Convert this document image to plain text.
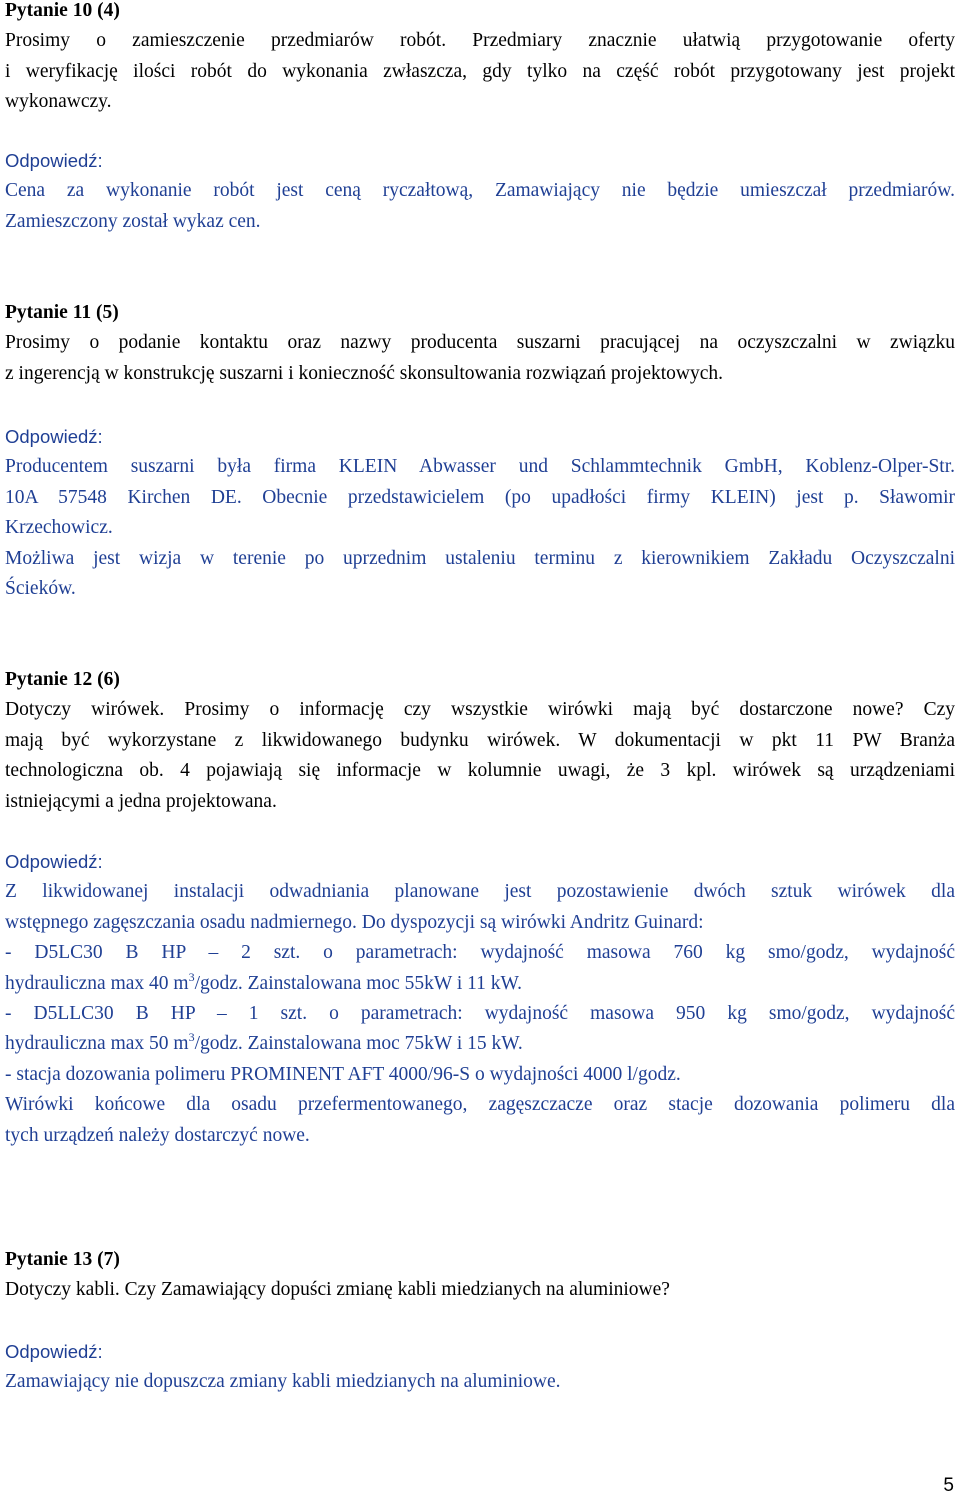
Pytanie 10 (4)
Prosimy o zamieszczenie przedmiarów robót. Przedmiary znacznie ułatwią przygotowanie oferty
i weryfikację ilości robót do wykonania zwłaszcza, gdy tylko na część robót przygotowany jest projekt
wykonawczy.
Odpowiedź:
Cena za wykonanie robót jest ceną ryczałtową, Zamawiający nie będzie umieszczał przedmiarów.
Zamieszczony został wykaz cen.
Pytanie 11 (5)
Prosimy o podanie kontaktu oraz nazwy producenta suszarni pracującej na oczyszczalni w związku
z ingerencją w konstrukcję suszarni i konieczność skonsultowania rozwiązań projektowych.
Odpowiedź:
Producentem suszarni była firma KLEIN Abwasser und Schlammtechnik GmbH, Koblenz-Olper-Str.
10A 57548 Kirchen DE. Obecnie przedstawicielem (po upadłości firmy KLEIN) jest p. Sławomir
Krzechowicz.
Możliwa jest wizja w terenie po uprzednim ustaleniu terminu z kierownikiem Zakładu Oczyszczalni
Ścieków.
Pytanie 12 (6)
Dotyczy wirówek. Prosimy o informację czy wszystkie wirówki mają być dostarczone nowe? Czy
mają być wykorzystane z likwidowanego budynku wirówek. W dokumentacji w pkt 11 PW Branża
technologiczna ob. 4 pojawiają się informacje w kolumnie uwagi, że 3 kpl. wirówek są urządzeniami
istniejącymi a jedna projektowana.
Odpowiedź:
Z likwidowanej instalacji odwadniania planowane jest pozostawienie dwóch sztuk wirówek dla
wstępnego zagęszczania osadu nadmiernego. Do dyspozycji są wirówki Andritz Guinard:
- D5LC30 B HP – 2 szt. o parametrach: wydajność masowa 760 kg smo/godz, wydajność
hydrauliczna max 40 $m^3$/godz. Zainstalowana moc 55kW i 11 kW.
- D5LLC30 B HP – 1 szt. o parametrach: wydajność masowa 950 kg smo/godz, wydajność
hydrauliczna max 50 $m^3$/godz. Zainstalowana moc 75kW i 15 kW.
- stacja dozowania polimeru PROMINENT AFT 4000/96-S o wydajności 4000 l/godz.
Wirówki końcowe dla osadu przefermentowanego, zagęszczacze oraz stacje dozowania polimeru dla
tych urządzeń należy dostarczyć nowe.
Pytanie 13 (7)
Dotyczy kabli. Czy Zamawiający dopuści zmianę kabli miedzianych na aluminiowe?
Odpowiedź:
Zamawiający nie dopuszcza zmiany kabli miedzianych na aluminiowe.
5
